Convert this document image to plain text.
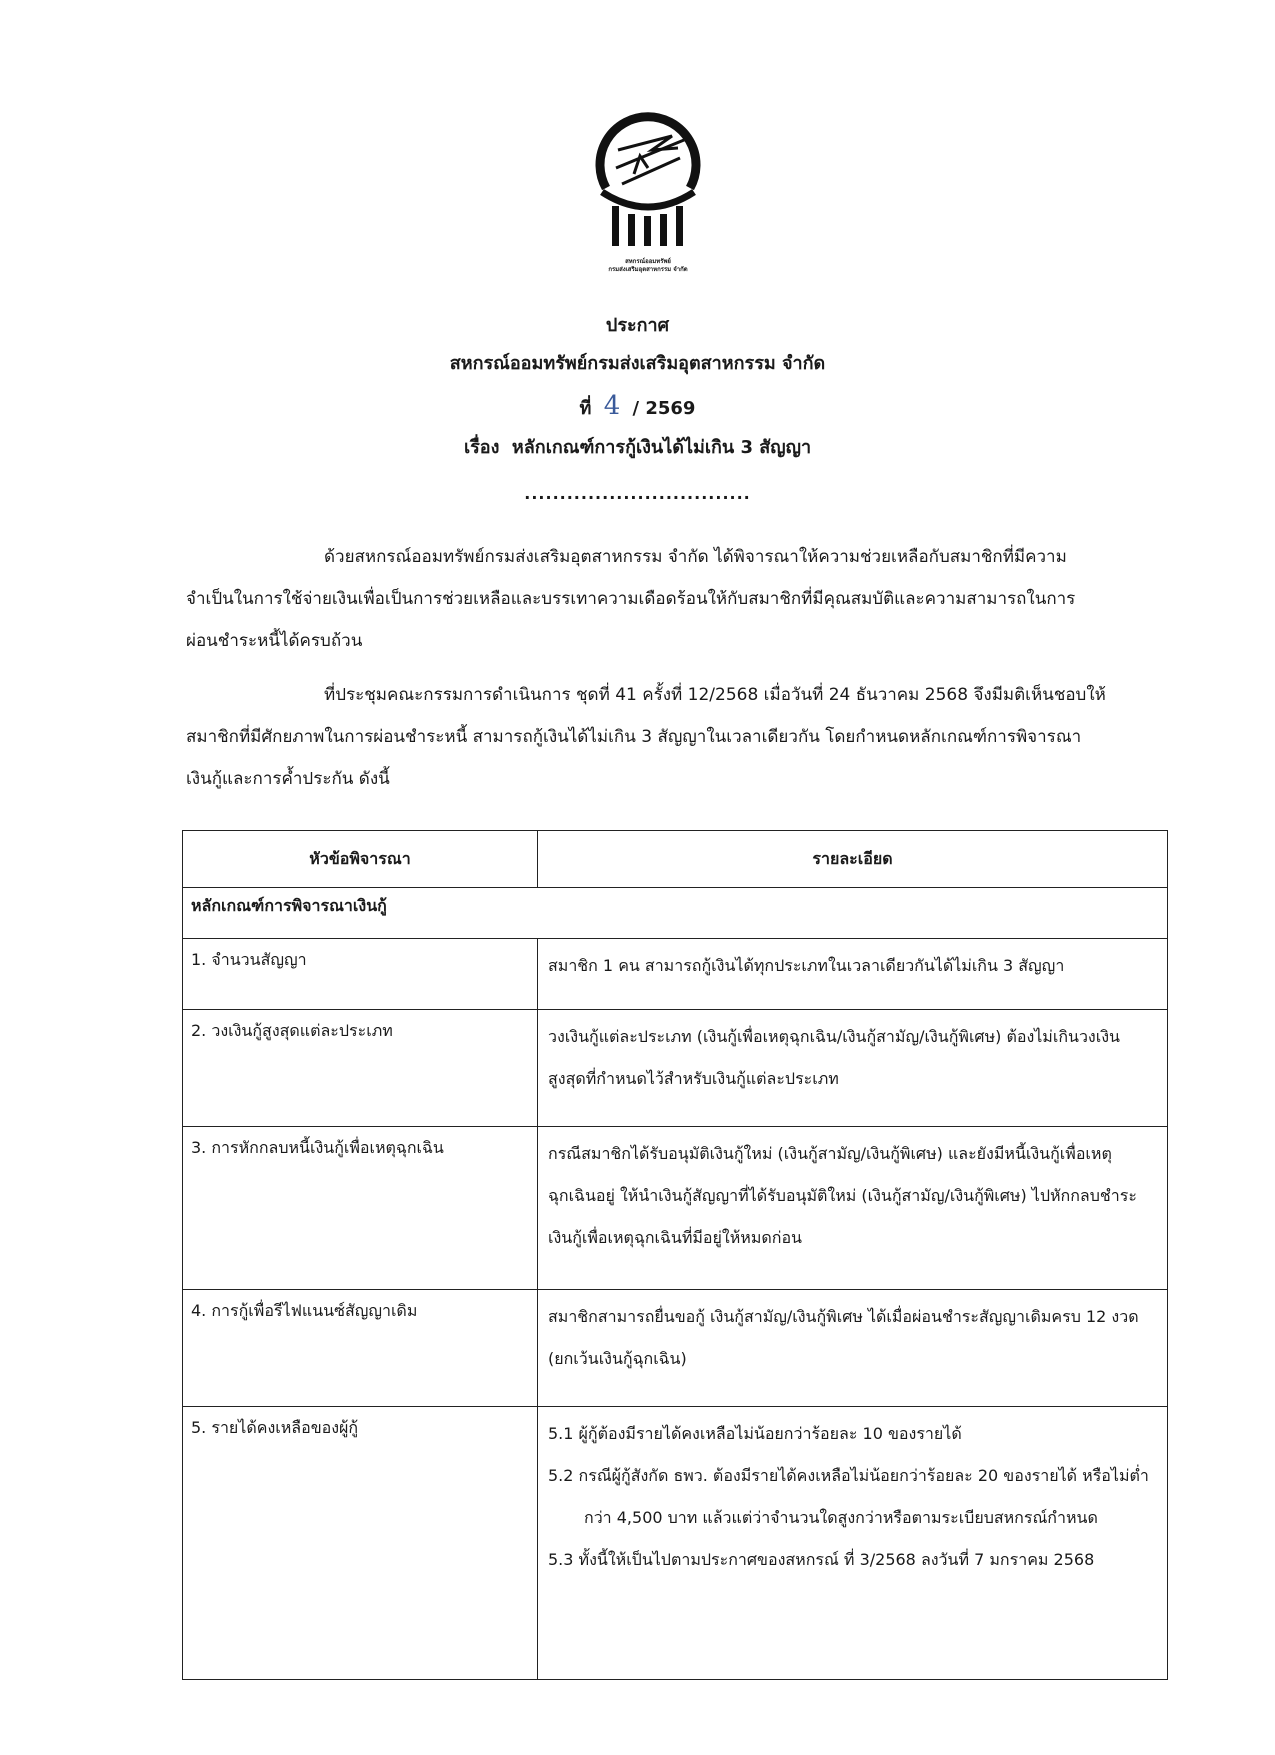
สหกรณ์ออมทรัพย์
กรมส่งเสริมอุตสาหกรรม จำกัด
ประกาศ
สหกรณ์ออมทรัพย์กรมส่งเสริมอุตสาหกรรม จำกัด
ที่ 4 / 2569
เรื่อง หลักเกณฑ์การกู้เงินได้ไม่เกิน 3 สัญญา
................................
ด้วยสหกรณ์ออมทรัพย์กรมส่งเสริมอุตสาหกรรม จำกัด ได้พิจารณาให้ความช่วยเหลือกับสมาชิกที่มีความจำเป็นในการใช้จ่ายเงินเพื่อเป็นการช่วยเหลือและบรรเทาความเดือดร้อนให้กับสมาชิกที่มีคุณสมบัติและความสามารถในการผ่อนชำระหนี้ได้ครบถ้วน
ที่ประชุมคณะกรรมการดำเนินการ ชุดที่ 41 ครั้งที่ 12/2568 เมื่อวันที่ 24 ธันวาคม 2568 จึงมีมติเห็นชอบให้สมาชิกที่มีศักยภาพในการผ่อนชำระหนี้ สามารถกู้เงินได้ไม่เกิน 3 สัญญาในเวลาเดียวกัน โดยกำหนดหลักเกณฑ์การพิจารณาเงินกู้และการค้ำประกัน ดังนี้
หัวข้อพิจารณา	รายละเอียด
หลักเกณฑ์การพิจารณาเงินกู้	
1. จำนวนสัญญา	สมาชิก 1 คน สามารถกู้เงินได้ทุกประเภทในเวลาเดียวกันได้ไม่เกิน 3 สัญญา
2. วงเงินกู้สูงสุดแต่ละประเภท	วงเงินกู้แต่ละประเภท (เงินกู้เพื่อเหตุฉุกเฉิน/เงินกู้สามัญ/เงินกู้พิเศษ) ต้องไม่เกินวงเงินสูงสุดที่กำหนดไว้สำหรับเงินกู้แต่ละประเภท
3. การหักกลบหนี้เงินกู้เพื่อเหตุฉุกเฉิน	กรณีสมาชิกได้รับอนุมัติเงินกู้ใหม่ (เงินกู้สามัญ/เงินกู้พิเศษ) และยังมีหนี้เงินกู้เพื่อเหตุฉุกเฉินอยู่ ให้นำเงินกู้สัญญาที่ได้รับอนุมัติใหม่ (เงินกู้สามัญ/เงินกู้พิเศษ) ไปหักกลบชำระเงินกู้เพื่อเหตุฉุกเฉินที่มีอยู่ให้หมดก่อน
4. การกู้เพื่อรีไฟแนนซ์สัญญาเดิม	สมาชิกสามารถยื่นขอกู้ เงินกู้สามัญ/เงินกู้พิเศษ ได้เมื่อผ่อนชำระสัญญาเดิมครบ 12 งวด (ยกเว้นเงินกู้ฉุกเฉิน)
5. รายได้คงเหลือของผู้กู้	5.1 ผู้กู้ต้องมีรายได้คงเหลือไม่น้อยกว่าร้อยละ 10 ของรายได้
5.2 กรณีผู้กู้สังกัด ธพว. ต้องมีรายได้คงเหลือไม่น้อยกว่าร้อยละ 20 ของรายได้ หรือไม่ต่ำกว่า 4,500 บาท แล้วแต่ว่าจำนวนใดสูงกว่าหรือตามระเบียบสหกรณ์กำหนด
5.3 ทั้งนี้ให้เป็นไปตามประกาศของสหกรณ์ ที่ 3/2568 ลงวันที่ 7 มกราคม 2568
